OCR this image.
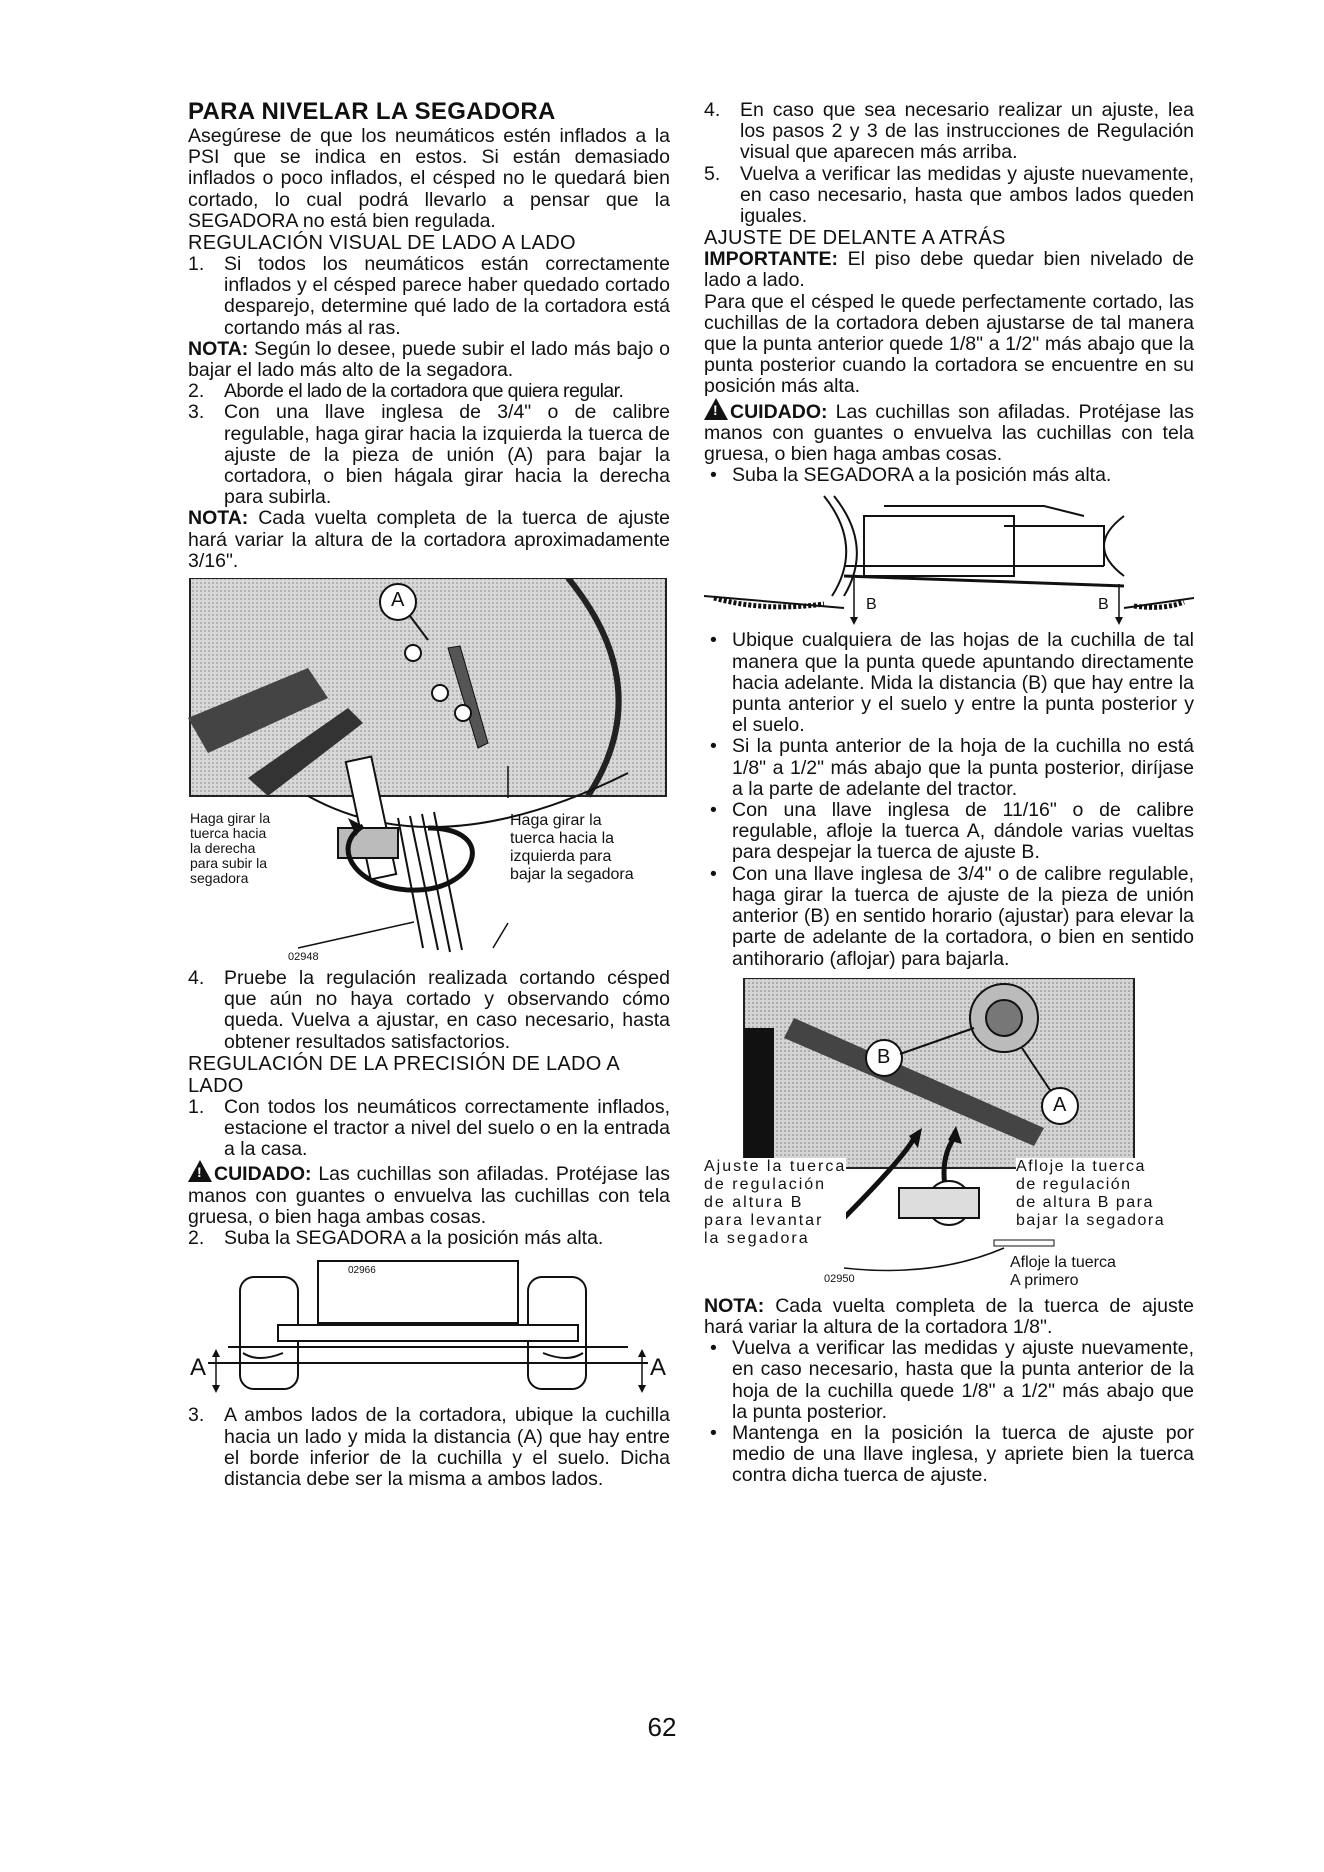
PARA NIVELAR LA SEGADORA

Asegúrese de que los neumáticos estén inflados a la PSI que se indica en estos. Si están demasiado inflados o poco inflados, el césped no le quedará bien cortado, lo cual podrá llevarlo a pensar que la SEGADORA no está bien regulada.

REGULACIÓN VISUAL DE LADO A LADO

1. Si todos los neumáticos están correctamente inflados y el césped parece haber quedado cortado desparejo, determine qué lado de la cortadora está cortando más al ras.

NOTA: Según lo desee, puede subir el lado más bajo o bajar el lado más alto de la segadora.

2. Aborde el lado de la cortadora que quiera regular.
3. Con una llave inglesa de 3/4" o de calibre regulable, haga girar hacia la izquierda la tuerca de ajuste de la pieza de unión (A) para bajar la cortadora, o bien hágala girar hacia la derecha para subirla.

NOTA: Cada vuelta completa de la tuerca de ajuste hará variar la altura de la cortadora aproximadamente 3/16".

A
Haga girar la
tuerca hacia
la derecha
para subir la
segadora
Haga girar la
tuerca hacia la
izquierda para
bajar la segadora
02948
4. Pruebe la regulación realizada cortando césped que aún no haya cortado y observando cómo queda. Vuelva a ajustar, en caso necesario, hasta obtener resultados satisfactorios.

REGULACIÓN DE LA PRECISIÓN DE LADO A LADO

1. Con todos los neumáticos correctamente inflados, estacione el tractor a nivel del suelo o en la entrada a la casa.

!CUIDADO: Las cuchillas son afiladas. Protéjase las manos con guantes o envuelva las cuchillas con tela gruesa, o bien haga ambas cosas.

2. Suba la SEGADORA a la posición más alta.
02966
A	A
3. A ambos lados de la cortadora, ubique la cuchilla hacia un lado y mida la distancia (A) que hay entre el borde inferior de la cuchilla y el suelo. Dicha distancia debe ser la misma a ambos lados.
4. En caso que sea necesario realizar un ajuste, lea los pasos 2 y 3 de las instrucciones de Regulación visual que aparecen más arriba.
5. Vuelva a verificar las medidas y ajuste nuevamente, en caso necesario, hasta que ambos lados queden iguales.

AJUSTE DE DELANTE A ATRÁS

IMPORTANTE: El piso debe quedar bien nivelado de lado a lado.

Para que el césped le quede perfectamente cortado, las cuchillas de la cortadora deben ajustarse de tal manera que la punta anterior quede 1/8" a 1/2" más abajo que la punta posterior cuando la cortadora se encuentre en su posición más alta.

!CUIDADO: Las cuchillas son afiladas. Protéjase las manos con guantes o envuelva las cuchillas con tela gruesa, o bien haga ambas cosas.

• Suba la SEGADORA a la posición más alta.
B	B
• Ubique cualquiera de las hojas de la cuchilla de tal manera que la punta quede apuntando directamente hacia adelante. Mida la distancia (B) que hay entre la punta anterior y el suelo y entre la punta posterior y el suelo.
• Si la punta anterior de la hoja de la cuchilla no está 1/8" a 1/2" más abajo que la punta posterior, diríjase a la parte de adelante del tractor.
• Con una llave inglesa de 11/16" o de calibre regulable, afloje la tuerca A, dándole varias vueltas para despejar la tuerca de ajuste B.
• Con una llave inglesa de 3/4" o de calibre regulable, haga girar la tuerca de ajuste de la pieza de unión anterior (B) en sentido horario (ajustar) para elevar la parte de adelante de la cortadora, o bien en sentido antihorario (aflojar) para bajarla.
B
A
Ajuste la tuerca
de regulación
de altura B
para levantar
la segadora
Afloje la tuerca
de regulación
de altura B para
bajar la segadora
Afloje la tuerca
A primero
02950

NOTA: Cada vuelta completa de la tuerca de ajuste hará variar la altura de la cortadora 1/8".

• Vuelva a verificar las medidas y ajuste nuevamente, en caso necesario, hasta que la punta anterior de la hoja de la cuchilla quede 1/8" a 1/2" más abajo que la punta posterior.
• Mantenga en la posición la tuerca de ajuste por medio de una llave inglesa, y apriete bien la tuerca contra dicha tuerca de ajuste.
62
